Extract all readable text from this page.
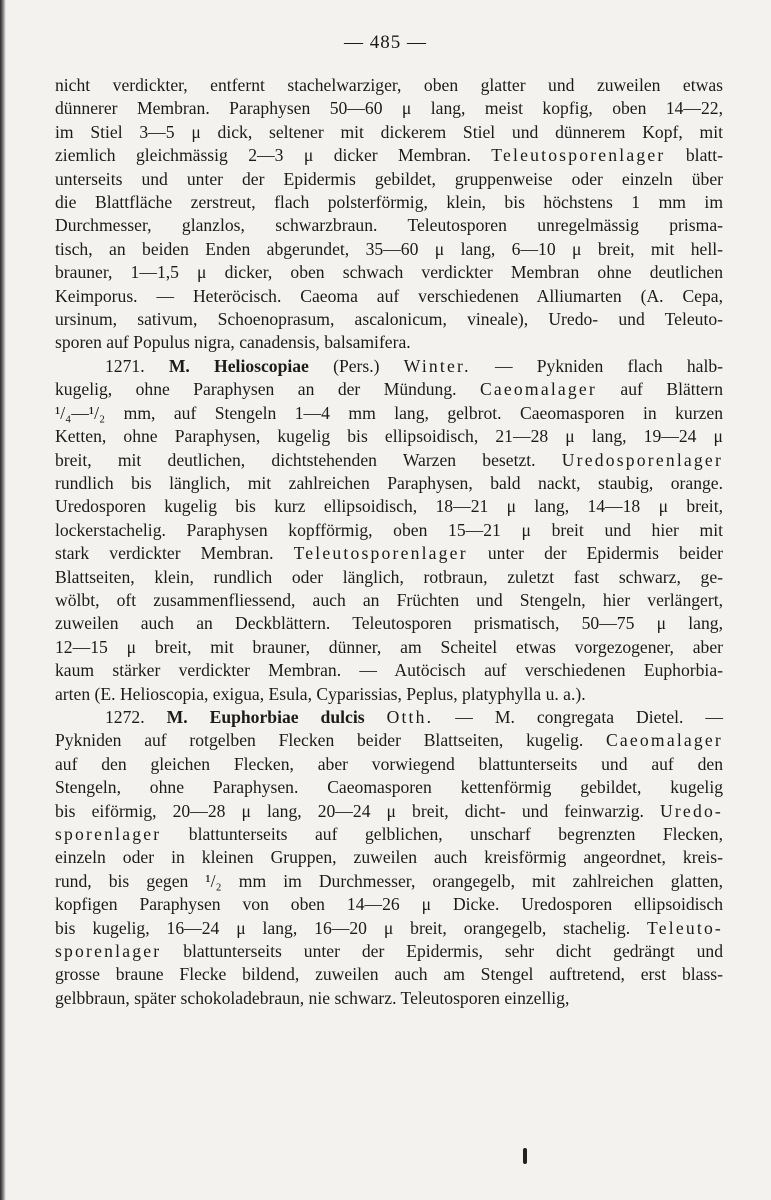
— 485 —
nicht verdickter, entfernt stachelwarziger, oben glatter und zuweilen etwas
dünnerer Membran. Paraphysen 50—60 μ lang, meist kopfig, oben 14—22,
im Stiel 3—5 μ dick, seltener mit dickerem Stiel und dünnerem Kopf, mit
ziemlich gleichmässig 2—3 μ dicker Membran. Teleutosporenlager blatt-
unterseits und unter der Epidermis gebildet, gruppenweise oder einzeln über
die Blattfläche zerstreut, flach polsterförmig, klein, bis höchstens 1 mm im
Durchmesser, glanzlos, schwarzbraun. Teleutosporen unregelmässig prisma-
tisch, an beiden Enden abgerundet, 35—60 μ lang, 6—10 μ breit, mit hell-
brauner, 1—1,5 μ dicker, oben schwach verdickter Membran ohne deutlichen
Keimporus. — Heteröcisch. Caeoma auf verschiedenen Alliumarten (A. Cepa,
ursinum, sativum, Schoenoprasum, ascalonicum, vineale), Uredo- und Teleuto-
sporen auf Populus nigra, canadensis, balsamifera.
1271. M. Helioscopiae (Pers.) Winter. — Pykniden flach halb-
kugelig, ohne Paraphysen an der Mündung. Caeomalager auf Blättern
¹/₄—¹/₂ mm, auf Stengeln 1—4 mm lang, gelbrot. Caeomasporen in kurzen
Ketten, ohne Paraphysen, kugelig bis ellipsoidisch, 21—28 μ lang, 19—24 μ
breit, mit deutlichen, dichtstehenden Warzen besetzt. Uredosporenlager
rundlich bis länglich, mit zahlreichen Paraphysen, bald nackt, staubig, orange.
Uredosporen kugelig bis kurz ellipsoidisch, 18—21 μ lang, 14—18 μ breit,
lockerstachelig. Paraphysen kopfförmig, oben 15—21 μ breit und hier mit
stark verdickter Membran. Teleutosporenlager unter der Epidermis beider
Blattseiten, klein, rundlich oder länglich, rotbraun, zuletzt fast schwarz, ge-
wölbt, oft zusammenfliessend, auch an Früchten und Stengeln, hier verlängert,
zuweilen auch an Deckblättern. Teleutosporen prismatisch, 50—75 μ lang,
12—15 μ breit, mit brauner, dünner, am Scheitel etwas vorgezogener, aber
kaum stärker verdickter Membran. — Autöcisch auf verschiedenen Euphorbia-
arten (E. Helioscopia, exigua, Esula, Cyparissias, Peplus, platyphylla u. a.).
1272. M. Euphorbiae dulcis Otth. — M. congregata Dietel. —
Pykniden auf rotgelben Flecken beider Blattseiten, kugelig. Caeomalager
auf den gleichen Flecken, aber vorwiegend blattunterseits und auf den
Stengeln, ohne Paraphysen. Caeomasporen kettenförmig gebildet, kugelig
bis eiförmig, 20—28 μ lang, 20—24 μ breit, dicht- und feinwarzig. Uredo-
sporenlager blattunterseits auf gelblichen, unscharf begrenzten Flecken,
einzeln oder in kleinen Gruppen, zuweilen auch kreisförmig angeordnet, kreis-
rund, bis gegen ¹/₂ mm im Durchmesser, orangegelb, mit zahlreichen glatten,
kopfigen Paraphysen von oben 14—26 μ Dicke. Uredosporen ellipsoidisch
bis kugelig, 16—24 μ lang, 16—20 μ breit, orangegelb, stachelig. Teleuto-
sporenlager blattunterseits unter der Epidermis, sehr dicht gedrängt und
grosse braune Flecke bildend, zuweilen auch am Stengel auftretend, erst blass-
gelbbraun, später schokoladebraun, nie schwarz. Teleutosporen einzellig,
